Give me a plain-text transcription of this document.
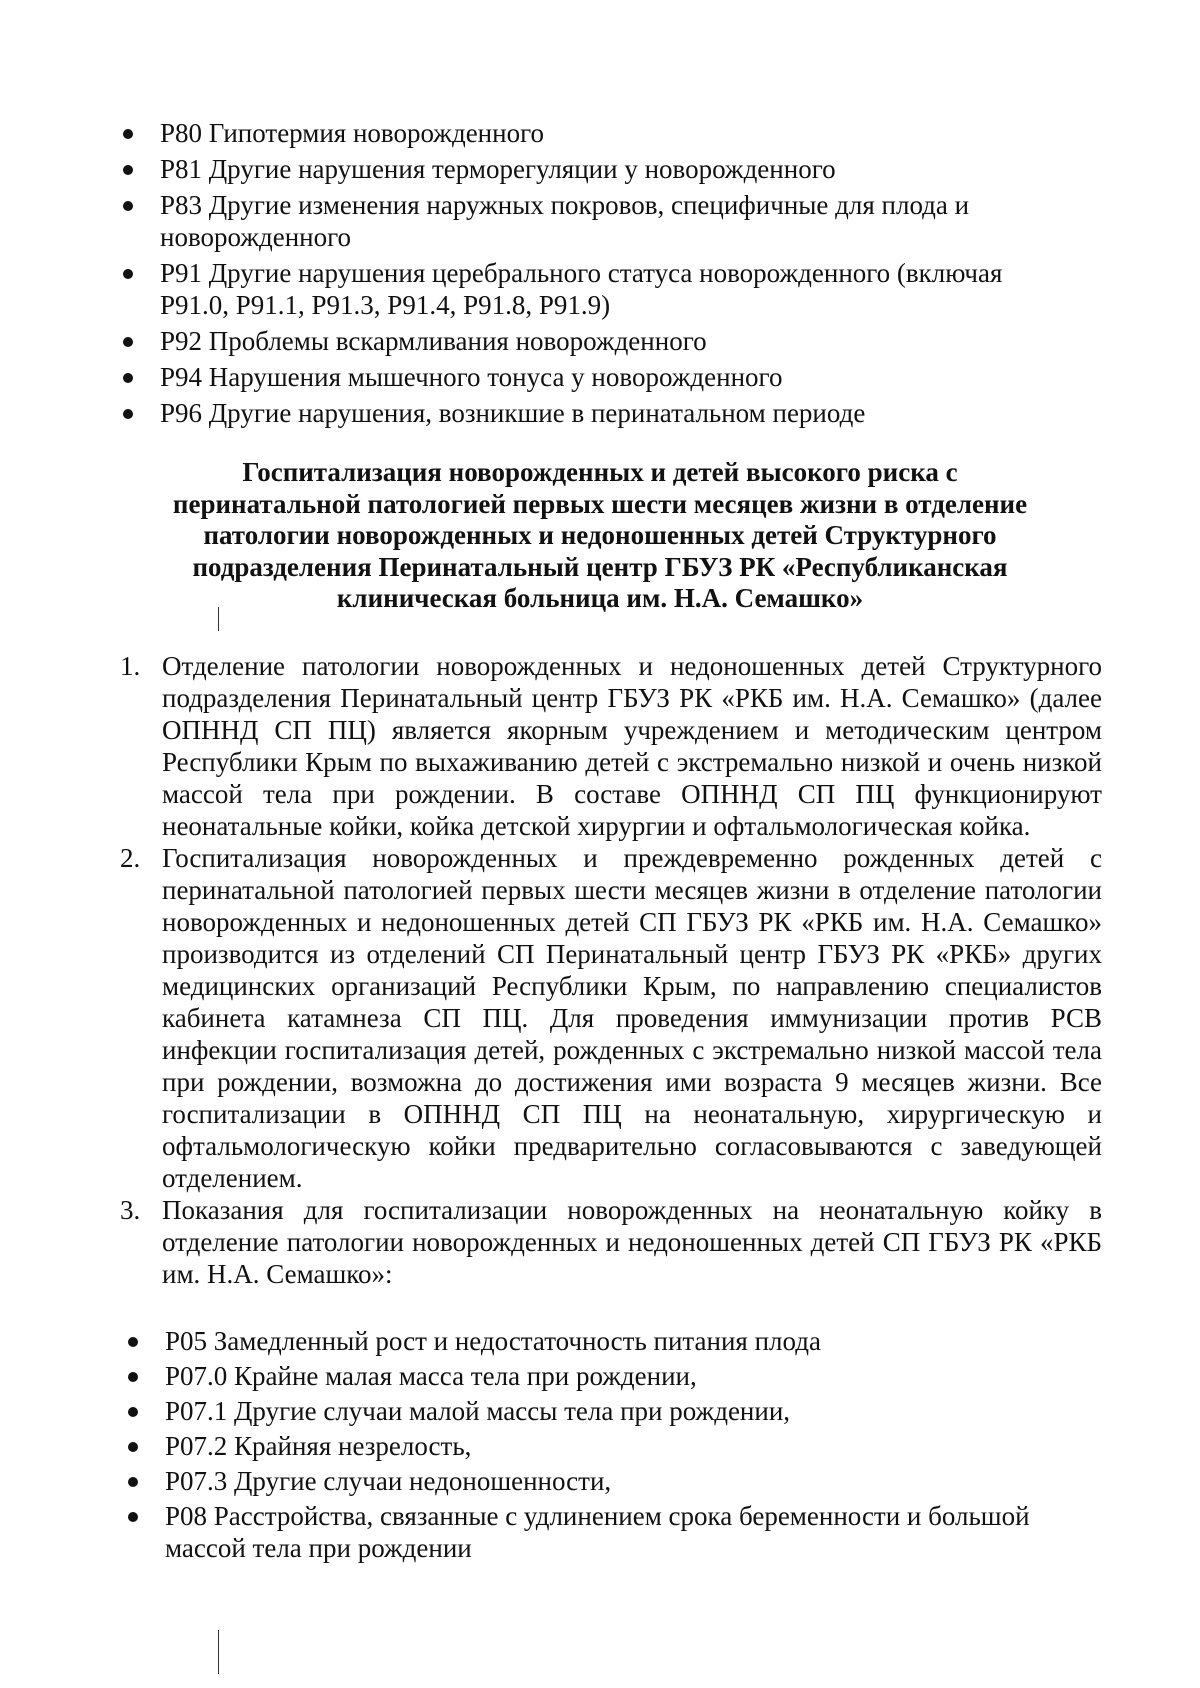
P80 Гипотермия новорожденного
P81 Другие нарушения терморегуляции у новорожденного
P83 Другие изменения наружных покровов, специфичные для плода и новорожденного
P91 Другие нарушения церебрального статуса новорожденного (включая P91.0, P91.1, P91.3, P91.4, P91.8, P91.9)
P92 Проблемы вскармливания новорожденного
P94 Нарушения мышечного тонуса у новорожденного
P96 Другие нарушения, возникшие в перинатальном периоде
Госпитализация новорожденных и детей высокого риска с перинатальной патологией первых шести месяцев жизни в отделение патологии новорожденных и недоношенных детей Структурного подразделения Перинатальный центр ГБУЗ РК «Республиканская клиническая больница им. Н.А. Семашко»
1. Отделение патологии новорожденных и недоношенных детей Структурного подразделения Перинатальный центр ГБУЗ РК «РКБ им. Н.А. Семашко» (далее ОПННД СП ПЦ) является якорным учреждением и методическим центром Республики Крым по выхаживанию детей с экстремально низкой и очень низкой массой тела при рождении. В составе ОПННД СП ПЦ функционируют неонатальные койки, койка детской хирургии и офтальмологическая койка.
2. Госпитализация новорожденных и преждевременно рожденных детей с перинатальной патологией первых шести месяцев жизни в отделение патологии новорожденных и недоношенных детей СП ГБУЗ РК «РКБ им. Н.А. Семашко» производится из отделений СП Перинатальный центр ГБУЗ РК «РКБ» других медицинских организаций Республики Крым, по направлению специалистов кабинета катамнеза СП ПЦ. Для проведения иммунизации против РСВ инфекции госпитализация детей, рожденных с экстремально низкой массой тела при рождении, возможна до достижения ими возраста 9 месяцев жизни. Все госпитализации в ОПННД СП ПЦ на неонатальную, хирургическую и офтальмологическую койки предварительно согласовываются с заведующей отделением.
3. Показания для госпитализации новорожденных на неонатальную койку в отделение патологии новорожденных и недоношенных детей СП ГБУЗ РК «РКБ им. Н.А. Семашко»:
P05 Замедленный рост и недостаточность питания плода
P07.0 Крайне малая масса тела при рождении,
P07.1 Другие случаи малой массы тела при рождении,
P07.2 Крайняя незрелость,
P07.3 Другие случаи недоношенности,
P08 Расстройства, связанные с удлинением срока беременности и большой массой тела при рождении
